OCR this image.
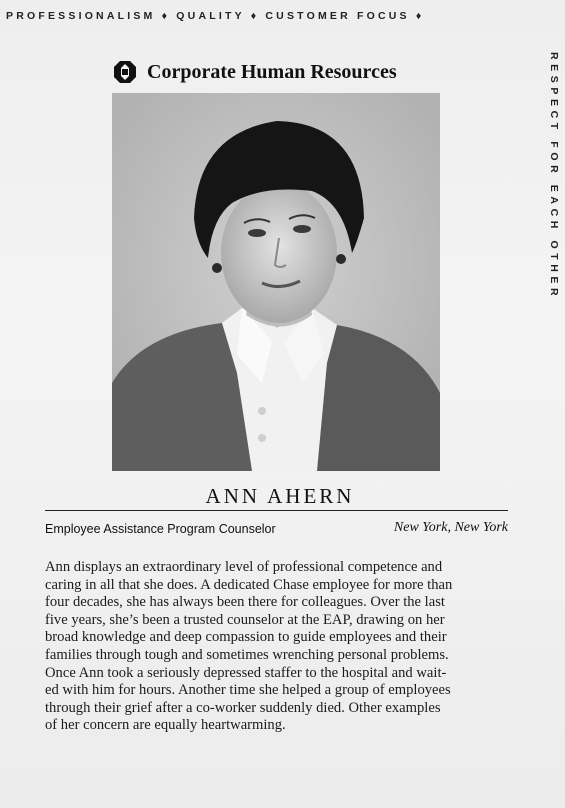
PROFESSIONALISM ♦ QUALITY ♦ CUSTOMER FOCUS ♦
RESPECT FOR EACH OTHER
Corporate Human Resources
ANN AHERN
Employee Assistance Program Counselor	New York, New York
Ann displays an extraordinary level of professional competence and
caring in all that she does. A dedicated Chase employee for more than
four decades, she has always been there for colleagues. Over the last
five years, she’s been a trusted counselor at the EAP, drawing on her
broad knowledge and deep compassion to guide employees and their
families through tough and sometimes wrenching personal problems.
Once Ann took a seriously depressed staffer to the hospital and wait-
ed with him for hours. Another time she helped a group of employees
through their grief after a co-worker suddenly died. Other examples
of her concern are equally heartwarming.
